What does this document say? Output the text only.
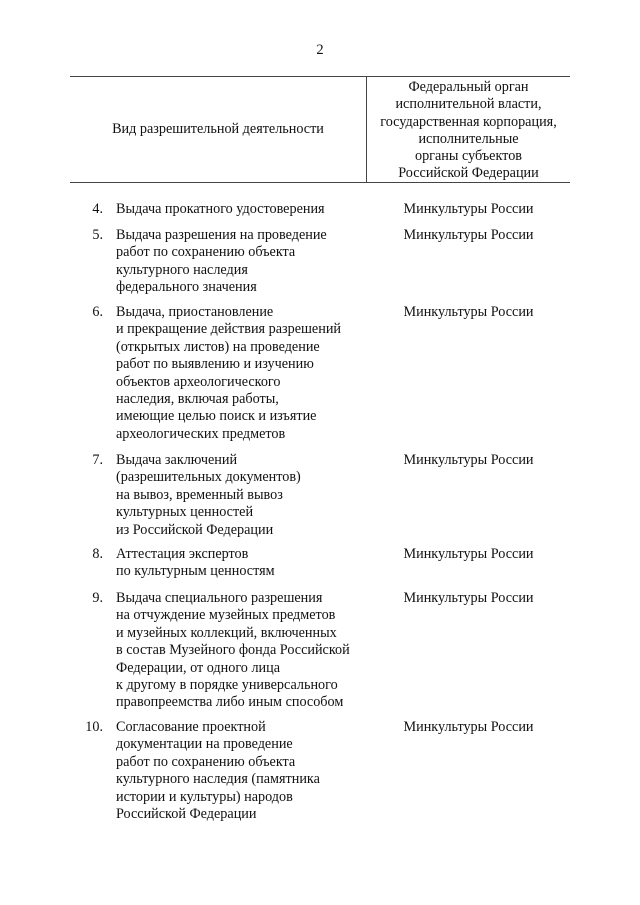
2
Вид разрешительной деятельности
Федеральный орган
исполнительной власти,
государственная корпорация,
исполнительные
органы субъектов
Российской Федерации
4. Выдача прокатного удостоверения	Минкультуры России
5. Выдача разрешения на проведение
работ по сохранению объекта
культурного наследия
федерального значения
Минкультуры России
6. Выдача, приостановление
и прекращение действия разрешений
(открытых листов) на проведение
работ по выявлению и изучению
объектов археологического
наследия, включая работы,
имеющие целью поиск и изъятие
археологических предметов
Минкультуры России
7. Выдача заключений
(разрешительных документов)
на вывоз, временный вывоз
культурных ценностей
из Российской Федерации
Минкультуры России
8. Аттестация экспертов
по культурным ценностям
Минкультуры России
9. Выдача специального разрешения
на отчуждение музейных предметов
и музейных коллекций, включенных
в состав Музейного фонда Российской
Федерации, от одного лица
к другому в порядке универсального
правопреемства либо иным способом
Минкультуры России
10. Согласование проектной
документации на проведение
работ по сохранению объекта
культурного наследия (памятника
истории и культуры) народов
Российской Федерации
Минкультуры России
